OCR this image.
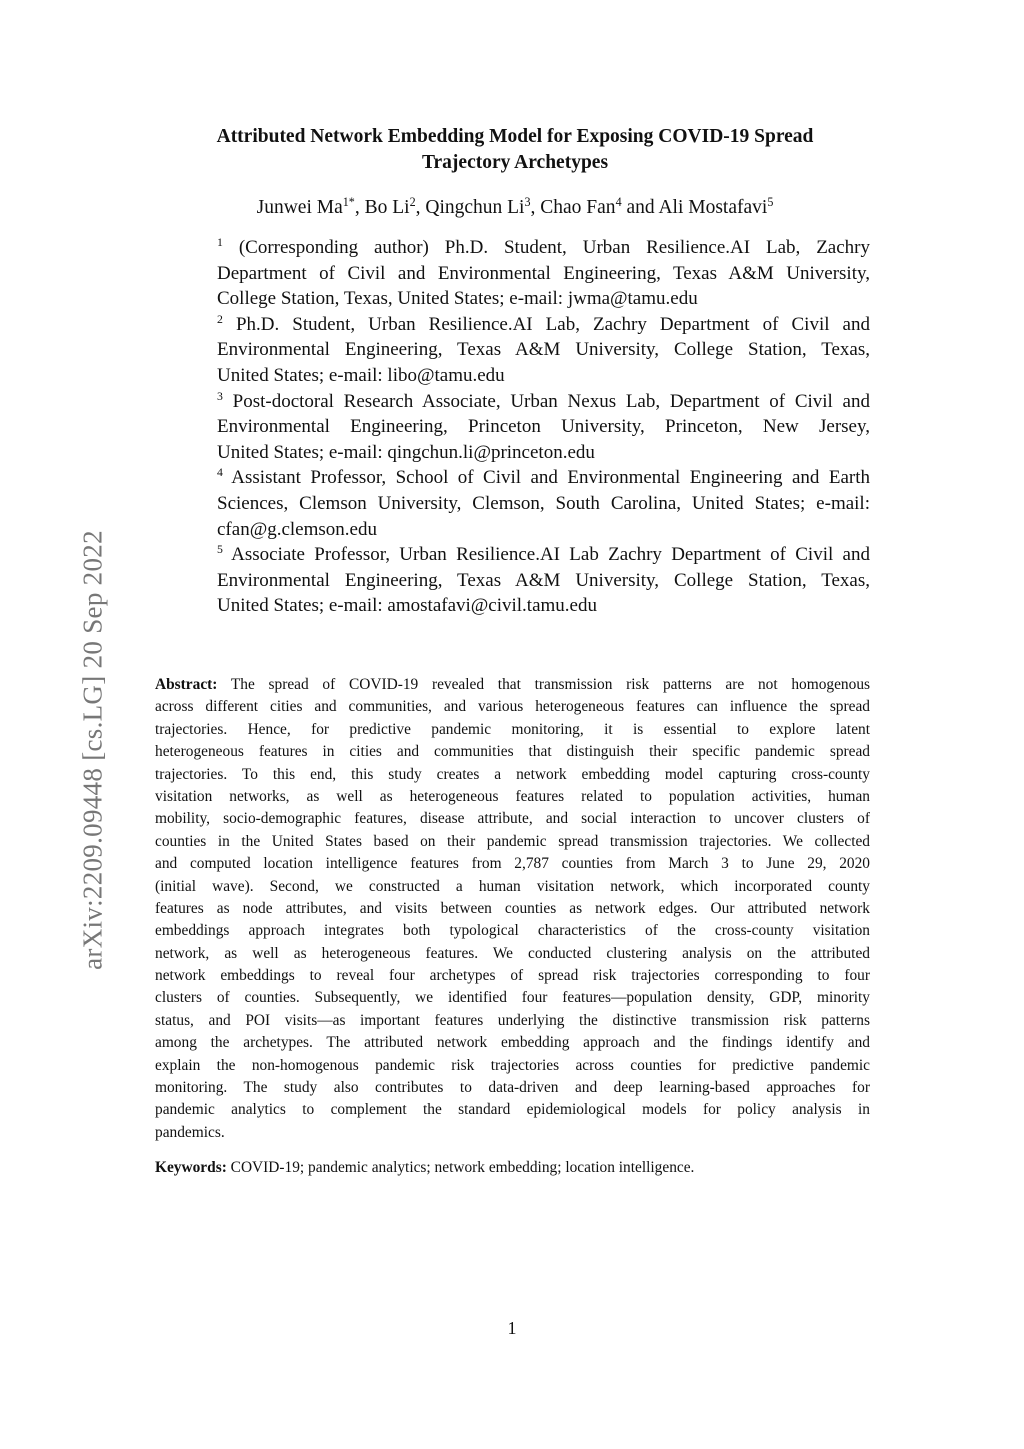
arXiv:2209.09448 [cs.LG] 20 Sep 2022
Attributed Network Embedding Model for Exposing COVID-19 Spread
Trajectory Archetypes
Junwei $Ma^{1*}$, Bo Li$^2$, Qingchun Li$^3$, Chao Fan$^4$ and Ali Mostafavi$^5$
$^1$ (Corresponding author) Ph.D. Student, Urban Resilience.AI Lab, Zachry
Department of Civil and Environmental Engineering, Texas A&M University,
College Station, Texas, United States; e-mail: jwma@tamu.edu
$^2$ Ph.D. Student, Urban Resilience.AI Lab, Zachry Department of Civil and
Environmental Engineering, Texas A&M University, College Station, Texas,
United States; e-mail: libo@tamu.edu
$^3$ Post-doctoral Research Associate, Urban Nexus Lab, Department of Civil and
Environmental Engineering, Princeton University, Princeton, New Jersey,
United States; e-mail: qingchun.li@princeton.edu
$^4$ Assistant Professor, School of Civil and Environmental Engineering and Earth
Sciences, Clemson University, Clemson, South Carolina, United States; e-mail:
cfan@g.clemson.edu
$^5$ Associate Professor, Urban Resilience.AI Lab Zachry Department of Civil and
Environmental Engineering, Texas A&M University, College Station, Texas,
United States; e-mail: amostafavi@civil.tamu.edu
Abstract: The spread of COVID-19 revealed that transmission risk patterns are not homogenous
across different cities and communities, and various heterogeneous features can influence the spread
trajectories. Hence, for predictive pandemic monitoring, it is essential to explore latent
heterogeneous features in cities and communities that distinguish their specific pandemic spread
trajectories. To this end, this study creates a network embedding model capturing cross-county
visitation networks, as well as heterogeneous features related to population activities, human
mobility, socio-demographic features, disease attribute, and social interaction to uncover clusters of
counties in the United States based on their pandemic spread transmission trajectories. We collected
and computed location intelligence features from 2,787 counties from March 3 to June 29, 2020
(initial wave). Second, we constructed a human visitation network, which incorporated county
features as node attributes, and visits between counties as network edges. Our attributed network
embeddings approach integrates both typological characteristics of the cross-county visitation
network, as well as heterogeneous features. We conducted clustering analysis on the attributed
network embeddings to reveal four archetypes of spread risk trajectories corresponding to four
clusters of counties. Subsequently, we identified four features—population density, GDP, minority
status, and POI visits—as important features underlying the distinctive transmission risk patterns
among the archetypes. The attributed network embedding approach and the findings identify and
explain the non-homogenous pandemic risk trajectories across counties for predictive pandemic
monitoring. The study also contributes to data-driven and deep learning-based approaches for
pandemic analytics to complement the standard epidemiological models for policy analysis in
pandemics.
Keywords: COVID-19; pandemic analytics; network embedding; location intelligence.
1
